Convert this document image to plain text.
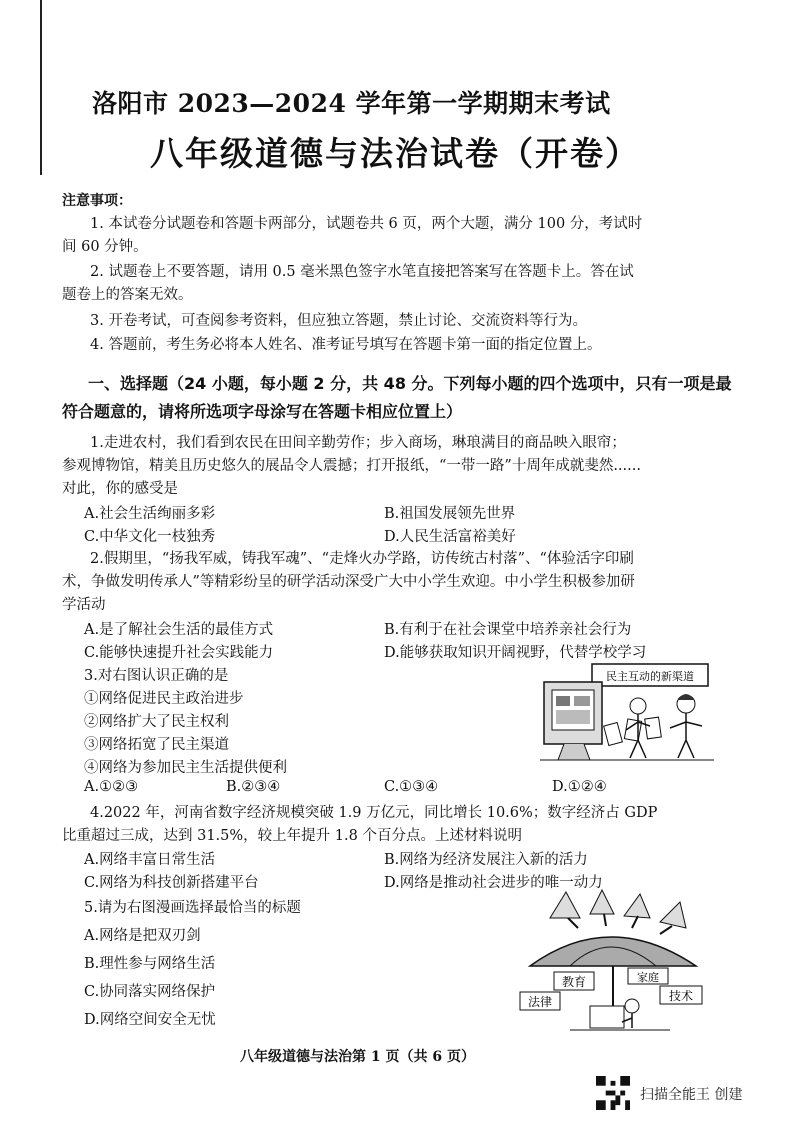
洛阳市 2023—2024 学年第一学期期末考试
八年级道德与法治试卷（开卷）
注意事项：
1. 本试卷分试题卷和答题卡两部分，试题卷共 6 页，两个大题，满分 100 分，考试时
间 60 分钟。
2. 试题卷上不要答题，请用 0.5 毫米黑色签字水笔直接把答案写在答题卡上。答在试
题卷上的答案无效。
3. 开卷考试，可查阅参考资料，但应独立答题，禁止讨论、交流资料等行为。
4. 答题前，考生务必将本人姓名、准考证号填写在答题卡第一面的指定位置上。
一、选择题（24 小题，每小题 2 分，共 48 分。下列每小题的四个选项中，只有一项是最符合题意的，请将所选项字母涂写在答题卡相应位置上）
1.走进农村，我们看到农民在田间辛勤劳作；步入商场，琳琅满目的商品映入眼帘；
参观博物馆，精美且历史悠久的展品令人震撼；打开报纸，“一带一路”十周年成就斐然......
对此，你的感受是
A.社会生活绚丽多彩	B.祖国发展领先世界
C.中华文化一枝独秀	D.人民生活富裕美好
2.假期里，“扬我军威，铸我军魂”、“走烽火办学路，访传统古村落”、“体验活字印刷
术，争做发明传承人”等精彩纷呈的研学活动深受广大中小学生欢迎。中小学生积极参加研
学活动
A.是了解社会生活的最佳方式	B.有利于在社会课堂中培养亲社会行为
C.能够快速提升社会实践能力	D.能够获取知识开阔视野，代替学校学习
3.对右图认识正确的是
①网络促进民主政治进步
②网络扩大了民主权利
③网络拓宽了民主渠道
④网络为参加民主生活提供便利
A.①②③	B.②③④	C.①③④	D.①②④
民主互动的新渠道
4.2022 年，河南省数字经济规模突破 1.9 万亿元，同比增长 10.6%；数字经济占 GDP
比重超过三成，达到 31.5%，较上年提升 1.8 个百分点。上述材料说明
A.网络丰富日常生活	B.网络为经济发展注入新的活力
C.网络为科技创新搭建平台	D.网络是推动社会进步的唯一动力
5.请为右图漫画选择最恰当的标题
A.网络是把双刃剑
B.理性参与网络生活
C.协同落实网络保护
D.网络空间安全无忧
教育	家庭
法律	技术
八年级道德与法治第 1 页（共 6 页）
扫描全能王 创建
